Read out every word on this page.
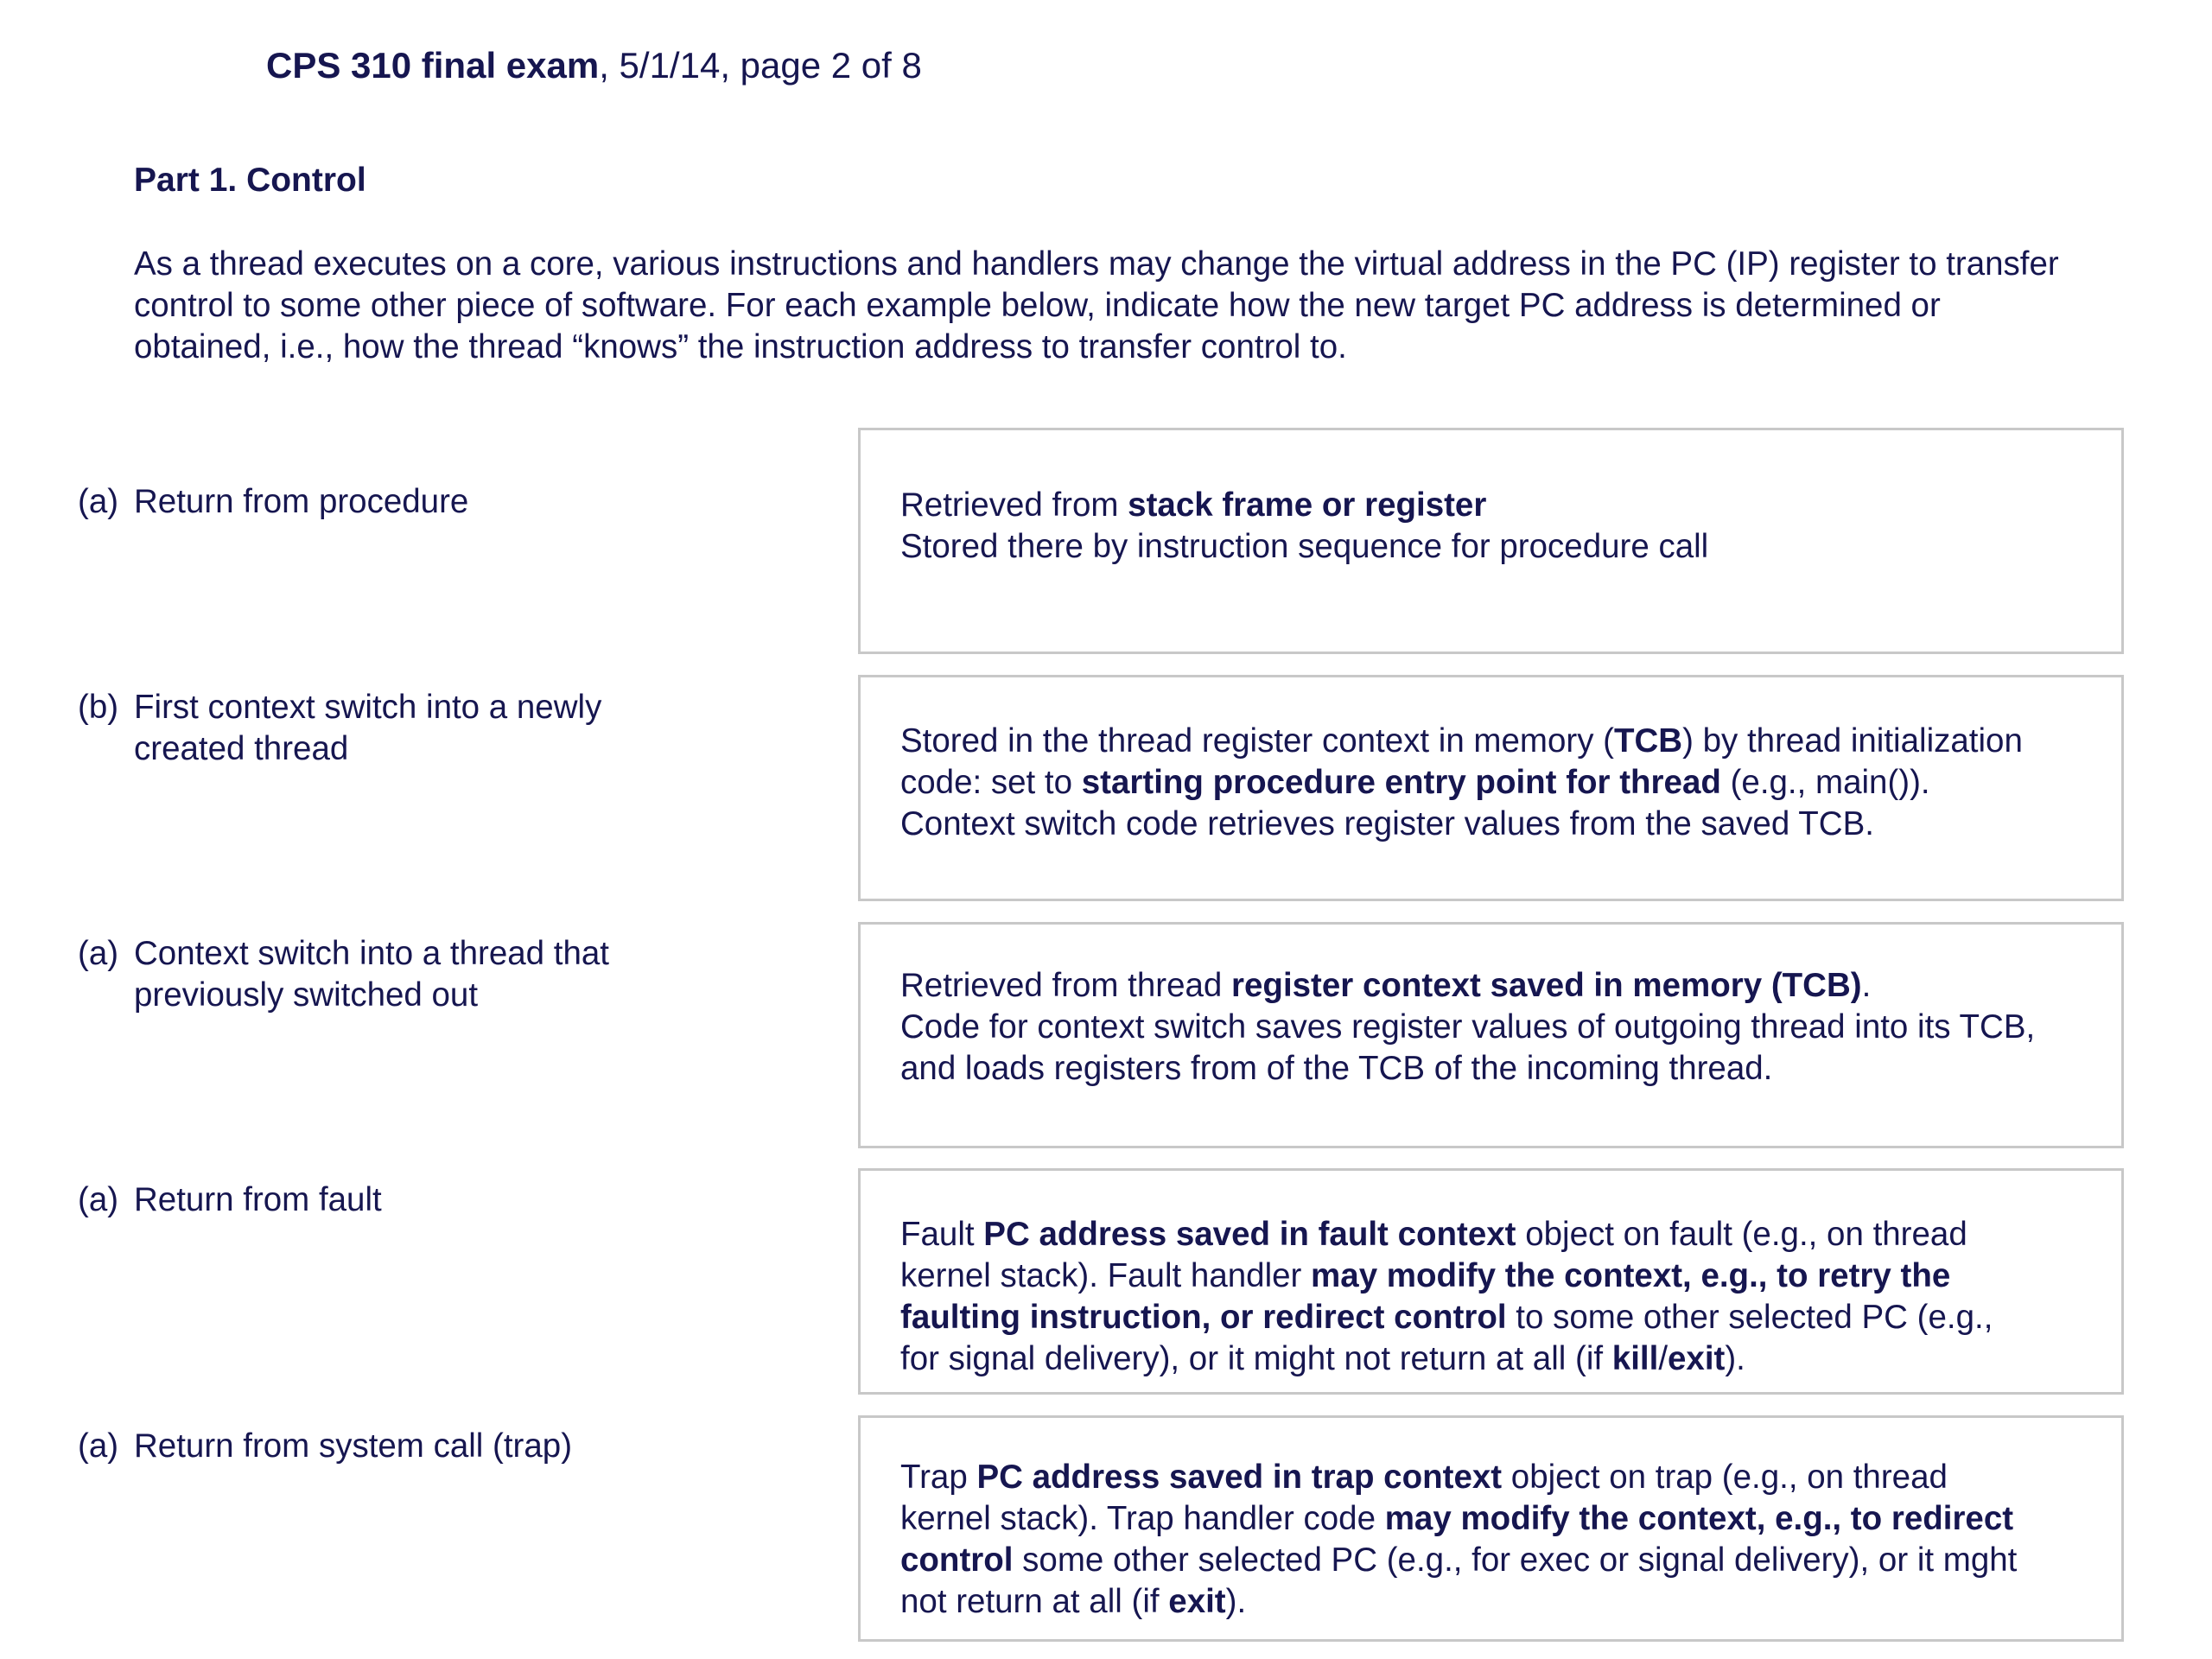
CPS 310 final exam, 5/1/14, page 2 of 8
Part 1. Control
As a thread executes on a core, various instructions and handlers may change the virtual address in the PC (IP) register to transfer
control to some other piece of software. For each example below, indicate how the new target PC address is determined or
obtained, i.e., how the thread “knows” the instruction address to transfer control to.
(a) Return from procedure	Retrieved from stack frame or register
Stored there by instruction sequence for procedure call
(b) First context switch into a newly
created thread	Stored in the thread register context in memory (TCB) by thread initialization
code: set to starting procedure entry point for thread (e.g., main()).
Context switch code retrieves register values from the saved TCB.
(a) Context switch into a thread that
previously switched out	Retrieved from thread register context saved in memory (TCB).
Code for context switch saves register values of outgoing thread into its TCB,
and loads registers from of the TCB of the incoming thread.
(a) Return from fault
Fault PC address saved in fault context object on fault (e.g., on thread
kernel stack). Fault handler may modify the context, e.g., to retry the
faulting instruction, or redirect control to some other selected PC (e.g.,
for signal delivery), or it might not return at all (if kill/exit).
(a) Return from system call (trap)
Trap PC address saved in trap context object on trap (e.g., on thread
kernel stack). Trap handler code may modify the context, e.g., to redirect
control some other selected PC (e.g., for exec or signal delivery), or it mght
not return at all (if exit).
